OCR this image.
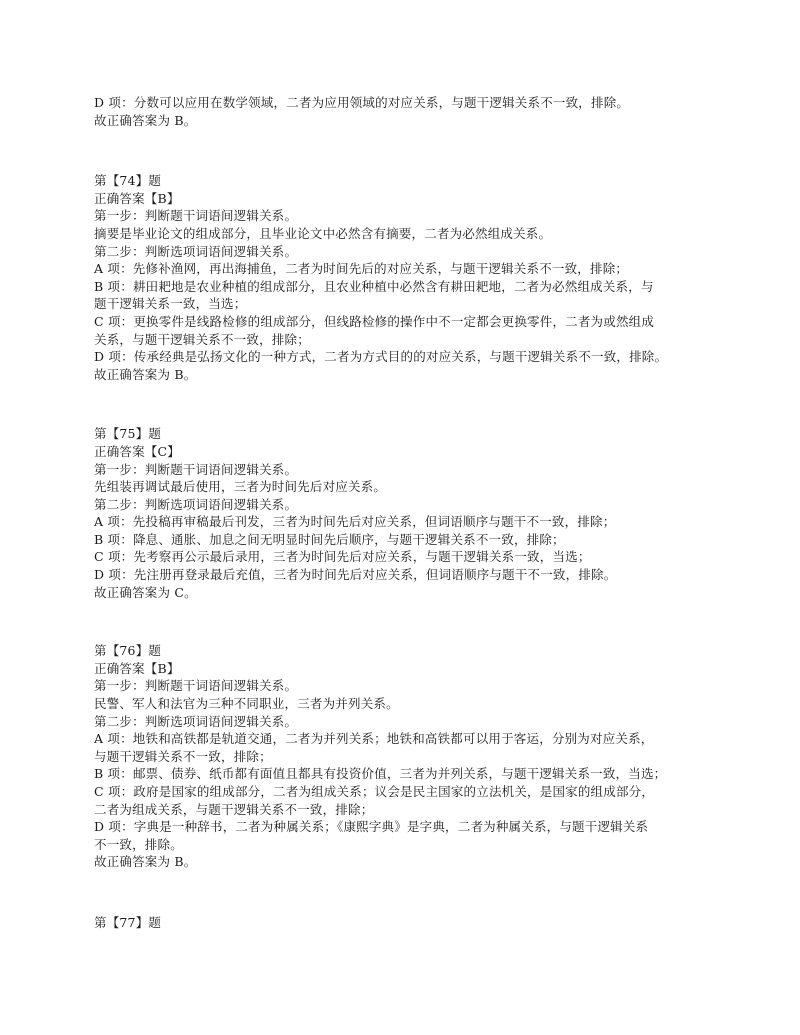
D 项：分数可以应用在数学领域，二者为应用领域的对应关系，与题干逻辑关系不一致，排除。
故正确答案为 B。
第【74】题
正确答案【B】
第一步：判断题干词语间逻辑关系。
摘要是毕业论文的组成部分，且毕业论文中必然含有摘要，二者为必然组成关系。
第二步：判断选项词语间逻辑关系。
A 项：先修补渔网，再出海捕鱼，二者为时间先后的对应关系，与题干逻辑关系不一致，排除；
B 项：耕田耙地是农业种植的组成部分，且农业种植中必然含有耕田耙地，二者为必然组成关系，与
题干逻辑关系一致，当选；
C 项：更换零件是线路检修的组成部分，但线路检修的操作中不一定都会更换零件，二者为或然组成
关系，与题干逻辑关系不一致，排除；
D 项：传承经典是弘扬文化的一种方式，二者为方式目的的对应关系，与题干逻辑关系不一致，排除。
故正确答案为 B。
第【75】题
正确答案【C】
第一步：判断题干词语间逻辑关系。
先组装再调试最后使用，三者为时间先后对应关系。
第二步：判断选项词语间逻辑关系。
A 项：先投稿再审稿最后刊发，三者为时间先后对应关系，但词语顺序与题干不一致，排除；
B 项：降息、通胀、加息之间无明显时间先后顺序，与题干逻辑关系不一致，排除；
C 项：先考察再公示最后录用，三者为时间先后对应关系，与题干逻辑关系一致，当选；
D 项：先注册再登录最后充值，三者为时间先后对应关系，但词语顺序与题干不一致，排除。
故正确答案为 C。
第【76】题
正确答案【B】
第一步：判断题干词语间逻辑关系。
民警、军人和法官为三种不同职业，三者为并列关系。
第二步：判断选项词语间逻辑关系。
A 项：地铁和高铁都是轨道交通，二者为并列关系；地铁和高铁都可以用于客运，分别为对应关系，
与题干逻辑关系不一致，排除；
B 项：邮票、债券、纸币都有面值且都具有投资价值，三者为并列关系，与题干逻辑关系一致，当选；
C 项：政府是国家的组成部分，二者为组成关系；议会是民主国家的立法机关，是国家的组成部分，
二者为组成关系，与题干逻辑关系不一致，排除；
D 项：字典是一种辞书，二者为种属关系；《康熙字典》是字典，二者为种属关系，与题干逻辑关系
不一致，排除。
故正确答案为 B。
第【77】题
